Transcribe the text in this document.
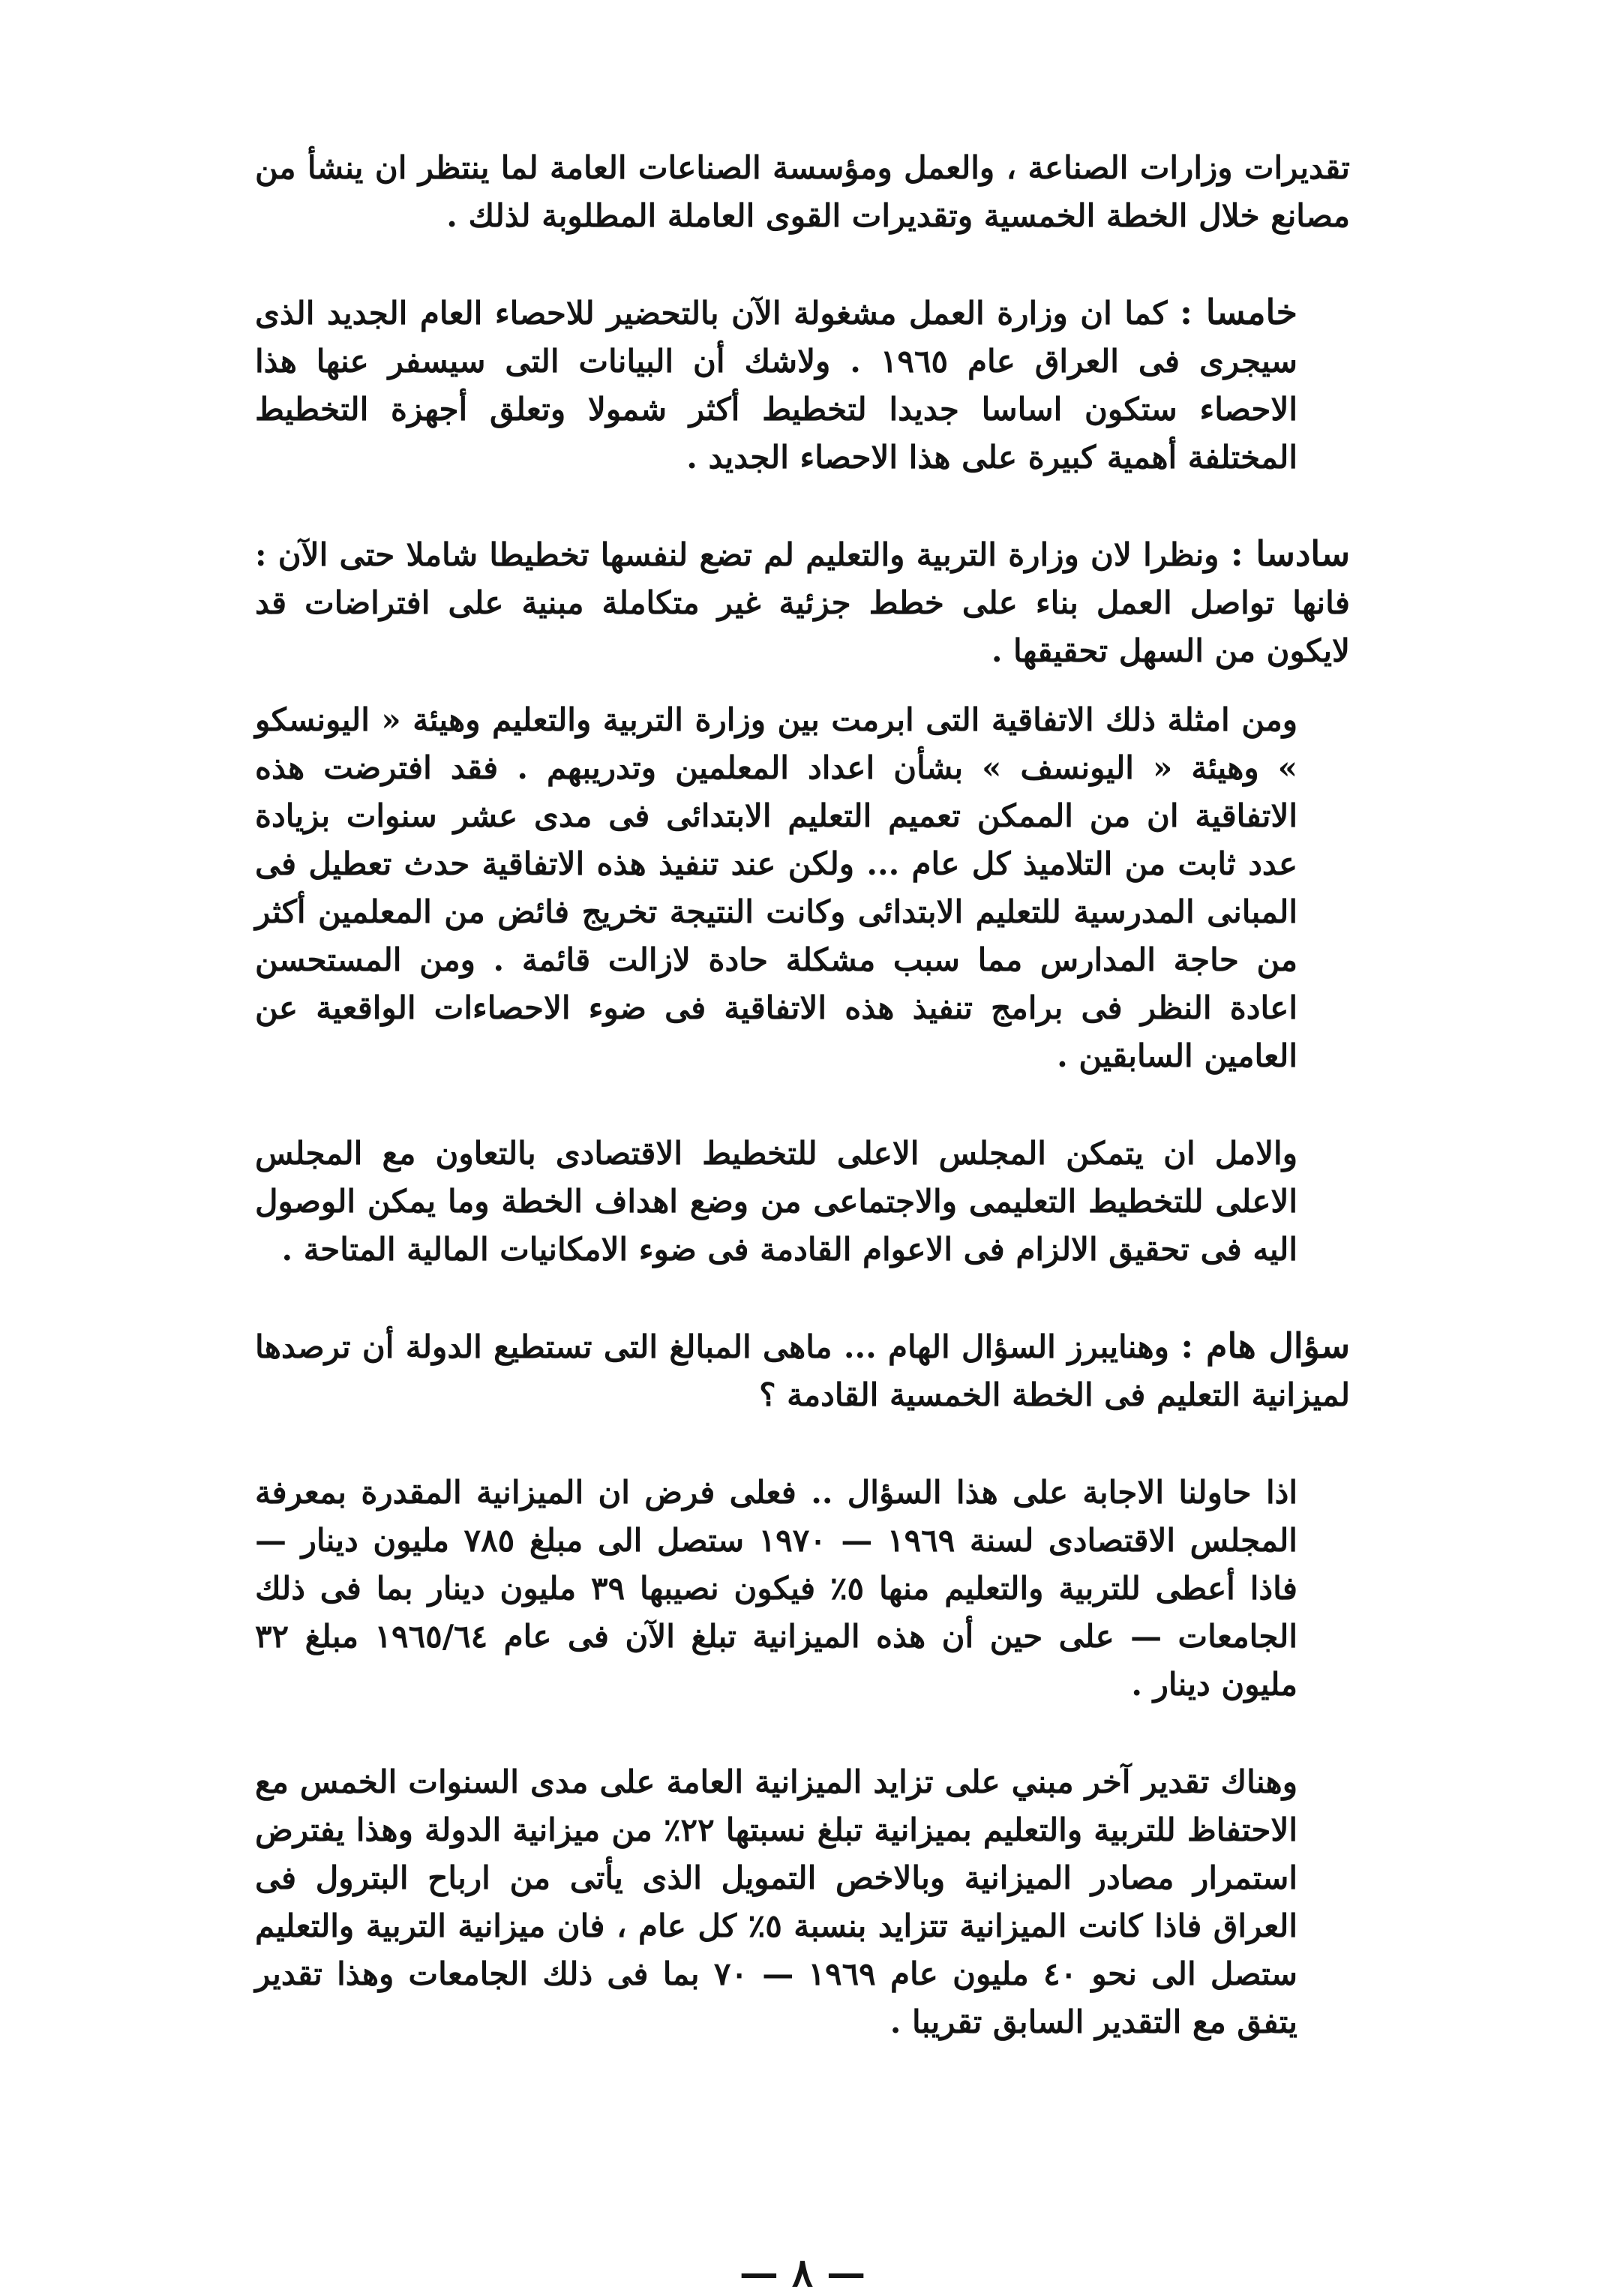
تقديرات وزارات الصناعة ، والعمل ومؤسسة الصناعات العامة لما ينتظر ان ينشأ من مصانع خلال الخطة الخمسية وتقديرات القوى العاملة المطلوبة لذلك .

خامسا : كما ان وزارة العمل مشغولة الآن بالتحضير للاحصاء العام الجديد الذى سيجرى فى العراق عام ١٩٦٥ . ولاشك أن البيانات التى سيسفر عنها هذا الاحصاء ستكون اساسا جديدا لتخطيط أكثر شمولا وتعلق أجهزة التخطيط المختلفة أهمية كبيرة على هذا الاحصاء الجديد .

سادسا : ونظرا لان وزارة التربية والتعليم لم تضع لنفسها تخطيطا شاملا حتى الآن : فانها تواصل العمل بناء على خطط جزئية غير متكاملة مبنية على افتراضات قد لايكون من السهل تحقيقها .

ومن امثلة ذلك الاتفاقية التى ابرمت بين وزارة التربية والتعليم وهيئة « اليونسكو » وهيئة « اليونسف » بشأن اعداد المعلمين وتدريبهم . فقد افترضت هذه الاتفاقية ان من الممكن تعميم التعليم الابتدائى فى مدى عشر سنوات بزيادة عدد ثابت من التلاميذ كل عام ... ولكن عند تنفيذ هذه الاتفاقية حدث تعطيل فى المبانى المدرسية للتعليم الابتدائى وكانت النتيجة تخريج فائض من المعلمين أكثر من حاجة المدارس مما سبب مشكلة حادة لازالت قائمة . ومن المستحسن اعادة النظر فى برامج تنفيذ هذه الاتفاقية فى ضوء الاحصاءات الواقعية عن العامين السابقين .

والامل ان يتمكن المجلس الاعلى للتخطيط الاقتصادى بالتعاون مع المجلس الاعلى للتخطيط التعليمى والاجتماعى من وضع اهداف الخطة وما يمكن الوصول اليه فى تحقيق الالزام فى الاعوام القادمة فى ضوء الامكانيات المالية المتاحة .

سؤال هام : وهنايبرز السؤال الهام ... ماهى المبالغ التى تستطيع الدولة أن ترصدها لميزانية التعليم فى الخطة الخمسية القادمة ؟

اذا حاولنا الاجابة على هذا السؤال .. فعلى فرض ان الميزانية المقدرة بمعرفة المجلس الاقتصادى لسنة ١٩٦٩ — ١٩٧٠ ستصل الى مبلغ ٧٨٥ مليون دينار — فاذا أعطى للتربية والتعليم منها ٥٪ فيكون نصيبها ٣٩ مليون دينار بما فى ذلك الجامعات — على حين أن هذه الميزانية تبلغ الآن فى عام ١٩٦٥/٦٤ مبلغ ٣٢ مليون دينار .

وهناك تقدير آخر مبني على تزايد الميزانية العامة على مدى السنوات الخمس مع الاحتفاظ للتربية والتعليم بميزانية تبلغ نسبتها ٢٢٪ من ميزانية الدولة وهذا يفترض استمرار مصادر الميزانية وبالاخص التمويل الذى يأتى من ارباح البترول فى العراق فاذا كانت الميزانية تتزايد بنسبة ٥٪ كل عام ، فان ميزانية التربية والتعليم ستصل الى نحو ٤٠ مليون عام ١٩٦٩ — ٧٠ بما فى ذلك الجامعات وهذا تقدير يتفق مع التقدير السابق تقريبا .

— ٨ —
